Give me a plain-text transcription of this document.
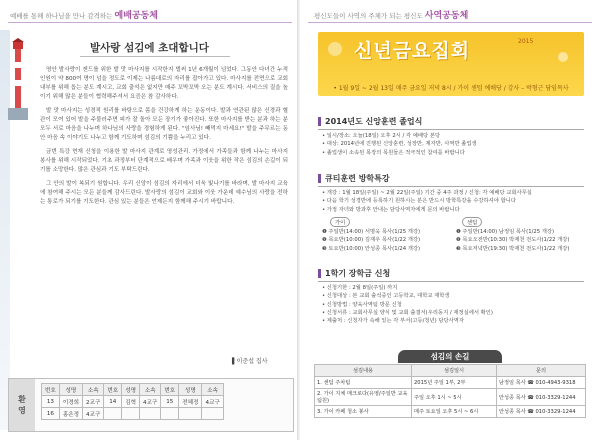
예배를 통해 하나님을 만나 감격하는 예배공동체
발사랑 섬김에 초대합니다

영안 발사랑이 겐드를 위한 발 맛 마사지를 시작한지 벌써 1년 6개월이 넘었다. 그동안 다녀간 누적인원이 약 800여 명이 넘을 정도로 이제는 나름대로의 자리를 잡아가고 있다. 마사지를 전면으로 교회 내부를 위해 돕는 분도 계시고, 교회 출석은 없지만 매주 꼬박꼬박 오는 분도 계시다. 서비스의 질을 높이기 위해 많은 분들이 협력해주셔서 요즘은 참 감사하다.

발 맛 마사지는 성경적 원리를 바탕으로 몸을 건강하게 하는 운동이다. 발과 연관된 많은 신경과 혈관이 모여 있어 발을 주물러주면 피가 잘 돌아 모든 장기가 좋아진다. 또한 마사지를 받는 분과 하는 분 모두 서로 마음을 나누며 하나님의 사랑을 경험하게 된다. "임사님! 빼먹지 마세요!" 발을 주무르는 동안 마음 속 이야기도 나누고 함께 기도하며 섬김의 기쁨을 누리고 있다.

금번 특강 현재 신청을 이용한 발 마사지 관계로 영성관리. 가정에서 가족들과 함께 나누는 마사지 봉사를 위해 시작되었다. 기초 과정부터 단계적으로 배우며 가족과 이웃을 위한 작은 섬김의 손길이 되기를 소망한다. 많은 관심과 기도 부탁드린다.

그 안의 발이 복되기 원합니다. 우리 신앙이 섬김의 자리에서 더욱 빛나기를 바라며, 발 마사지 교육에 참여해 주시는 모든 분들께 감사드린다. 발사랑의 섬김이 교회와 이웃 가운데 예수님의 사랑을 전하는 통로가 되기를 기도한다. 관심 있는 분들은 언제든지 함께해 주시기 바랍니다.

▌이준섭 집사
환
영
번호	성명	소속	번호	성명	소속	번호	성명	소속
13	이경희	2교구	14	김혁	4교구	15	전혜정	4교구
16	홍은정	4교구						
평신도들이 사역의 주체가 되는 평신도 사역공동체
신년금요집회	2015
• 1월 9일 ~ 2월 13일 매주 금요일 저녁 8시 / 가이 센텀 예배당 / 강사 – 박형근 담임목사
2014년도 신앙훈련 졸업식
• 일시/장소: 오늘(18일) 오후 2시 / 각 예배당 본당
• 대상: 2014년에 진행된 신앙훈련, 성장반, 제자반, 사역반 졸업생
• 졸업생이 소속된 목장의 목원들은 적극적인 참여를 바랍니다
큐티훈련 방학특강
• 개강 : 1월 18일(주일) ~ 2월 22일(주일) 기간 중 4주 과정 / 신청: 각 예배당 교회사무실
• 다음 학기 성경반에 등록하기 원하시는 분은 반드시 방학특강을 수강하셔야 합니다
• 가정 자녀와 방과후 안내는 담당사역자에게 문의 바랍니다
가이	센텀
❶ 주일반(14:00) 서명욱 목사(1/25 개강)
❷ 목요반(10:00) 김재우 목사(1/22 개강)
❸ 토요반(10:00) 안성종 목사(1/24 개강)
❶ 주일반(14:00) 남정임 목사(1/25 개강)
❷ 목요오전반(10:30) 박재천 전도사(1/22 개강)
❸ 목요저녁반(19:30) 박재천 전도사(1/22 개강)
1학기 장학금 신청
• 신청기한 : 2월 8일(주일) 까지
• 신청대상 : 본 교회 출석중인 고등학교, 대학교 재학생
• 신청방법 : 양육사역팀 방문 신청
• 신청서류 : 교회사무실 양식 및 교회 출결서(우리동지 / 재정실에서 확인)
• 제출처 : 신청자가 속해 있는 각 부서(고등/청년) 담당사역자
섬김의 손길
섬김내용	섬김일시	문의
1. 센텀 주차팀	2015년 주일 1부, 2부	남정임 목사 ☎ 010-4943-9318
2. 가이 지체 매크로다(유영/주일반 교육 팀원)	주일 오후 1시 ~ 5시	안성종 목사 ☎ 010-3329-1244
3. 가이 카페 청소 봉사	매주 토요일 오후 5시 ~ 6시	안성종 목사 ☎ 010-3329-1244
